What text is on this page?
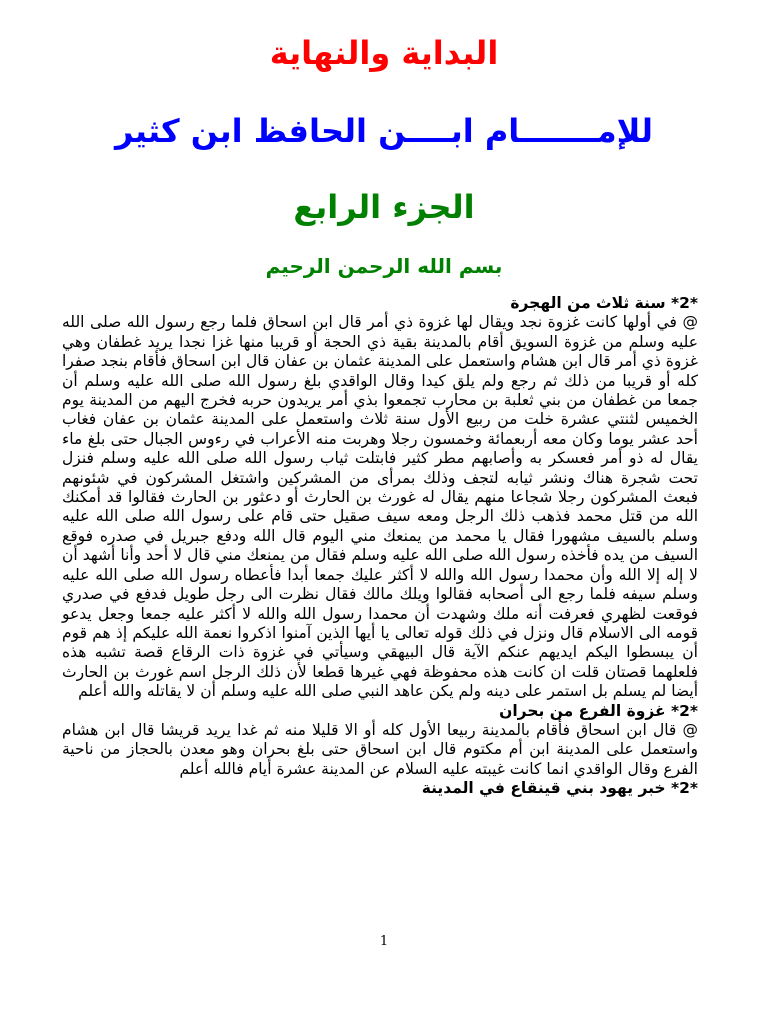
البداية والنهاية
للإمـــــــام ابــــن الحافظ ابن كثير
الجزء الرابع
بسم الله الرحمن الرحيم

*2* سنة ثلاث من الهجرة

@ في أولها كانت غزوة نجد ويقال لها غزوة ذي أمر قال ابن اسحاق فلما رجع رسول الله صلى الله عليه وسلم من غزوة السويق أقام بالمدينة بقية ذي الحجة أو قريبا منها غزا نجدا يريد غطفان وهي غزوة ذي أمر قال ابن هشام واستعمل على المدينة عثمان بن عفان قال ابن اسحاق فأقام بنجد صفرا كله أو قريبا من ذلك ثم رجع ولم يلق كيدا وقال الواقدي بلغ رسول الله صلى الله عليه وسلم أن جمعا من غطفان من بني ثعلبة بن محارب تجمعوا بذي أمر يريدون حربه فخرج اليهم من المدينة يوم الخميس لثنتي عشرة خلت من ربيع الأول سنة ثلاث واستعمل على المدينة عثمان بن عفان فغاب أحد عشر يوما وكان معه أربعمائة وخمسون رجلا وهربت منه الأعراب في رءوس الجبال حتى بلغ ماء يقال له ذو أمر فعسكر به وأصابهم مطر كثير فابتلت ثياب رسول الله صلى الله عليه وسلم فنزل تحت شجرة هناك ونشر ثيابه لتجف وذلك بمرأى من المشركين واشتغل المشركون في شئونهم فبعث المشركون رجلا شجاعا منهم يقال له غورث بن الحارث أو دعثور بن الحارث فقالوا قد أمكنك الله من قتل محمد فذهب ذلك الرجل ومعه سيف صقيل حتى قام على رسول الله صلى الله عليه وسلم بالسيف مشهورا فقال يا محمد من يمنعك مني اليوم قال الله ودفع جبريل في صدره فوقع السيف من يده فأخذه رسول الله صلى الله عليه وسلم فقال من يمنعك مني قال لا أحد وأنا أشهد أن لا إله إلا الله وأن محمدا رسول الله والله لا أكثر عليك جمعا أبدا فأعطاه رسول الله صلى الله عليه وسلم سيفه فلما رجع الى أصحابه فقالوا ويلك مالك فقال نظرت الى رجل طويل فدفع في صدري فوقعت لظهري فعرفت أنه ملك وشهدت أن محمدا رسول الله والله لا أكثر عليه جمعا وجعل يدعو قومه الى الاسلام قال ونزل في ذلك قوله تعالى يا أيها الذين آمنوا اذكروا نعمة الله عليكم إذ هم قوم أن يبسطوا اليكم ايديهم عنكم الآية قال البيهقي وسيأتي في غزوة ذات الرقاع قصة تشبه هذه فلعلهما قصتان قلت ان كانت هذه محفوظة فهي غيرها قطعا لأن ذلك الرجل اسم غورث بن الحارث أيضا لم يسلم بل استمر على دينه ولم يكن عاهد النبي صلى الله عليه وسلم أن لا يقاتله والله أعلم

*2* غزوة الفرع من بحران

@ قال ابن اسحاق فأقام بالمدينة ربيعا الأول كله أو الا قليلا منه ثم غدا يريد قريشا قال ابن هشام واستعمل على المدينة ابن أم مكتوم قال ابن اسحاق حتى بلغ بحران وهو معدن بالحجاز من ناحية الفرع وقال الواقدي انما كانت غيبته عليه السلام عن المدينة عشرة أيام فالله أعلم

*2* خبر يهود بني قينقاع في المدينة

1
